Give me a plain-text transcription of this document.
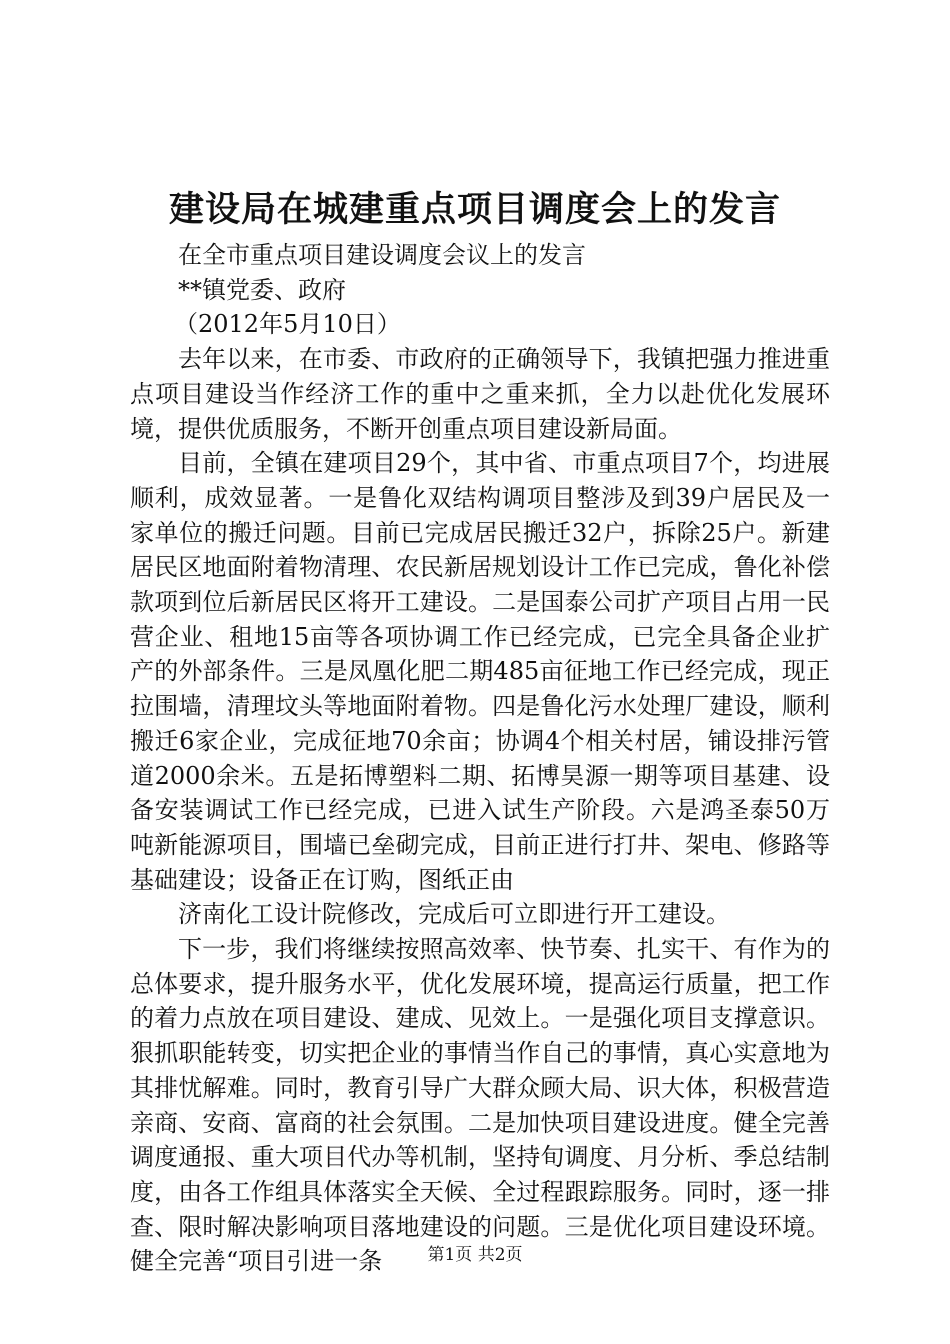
建设局在城建重点项目调度会上的发言

在全市重点项目建设调度会议上的发言

**镇党委、政府

（2012年5月10日）

去年以来，在市委、市政府的正确领导下，我镇把强力推进重点项目建设当作经济工作的重中之重来抓，全力以赴优化发展环境，提供优质服务，不断开创重点项目建设新局面。

目前，全镇在建项目29个，其中省、市重点项目7个，均进展顺利，成效显著。一是鲁化双结构调项目整涉及到39户居民及一家单位的搬迁问题。目前已完成居民搬迁32户，拆除25户。新建居民区地面附着物清理、农民新居规划设计工作已完成，鲁化补偿款项到位后新居民区将开工建设。二是国泰公司扩产项目占用一民营企业、租地15亩等各项协调工作已经完成，已完全具备企业扩产的外部条件。三是凤凰化肥二期485亩征地工作已经完成，现正拉围墙，清理坟头等地面附着物。四是鲁化污水处理厂建设，顺利搬迁6家企业，完成征地70余亩；协调4个相关村居，铺设排污管道2000余米。五是拓博塑料二期、拓博昊源一期等项目基建、设备安装调试工作已经完成，已进入试生产阶段。六是鸿圣泰50万吨新能源项目，围墙已垒砌完成，目前正进行打井、架电、修路等基础建设；设备正在订购，图纸正由

济南化工设计院修改，完成后可立即进行开工建设。

下一步，我们将继续按照高效率、快节奏、扎实干、有作为的总体要求，提升服务水平，优化发展环境，提高运行质量，把工作的着力点放在项目建设、建成、见效上。一是强化项目支撑意识。狠抓职能转变，切实把企业的事情当作自己的事情，真心实意地为其排忧解难。同时，教育引导广大群众顾大局、识大体，积极营造亲商、安商、富商的社会氛围。二是加快项目建设进度。健全完善调度通报、重大项目代办等机制，坚持旬调度、月分析、季总结制度，由各工作组具体落实全天候、全过程跟踪服务。同时，逐一排查、限时解决影响项目落地建设的问题。三是优化项目建设环境。健全完善“项目引进一条	第1页 共2页
